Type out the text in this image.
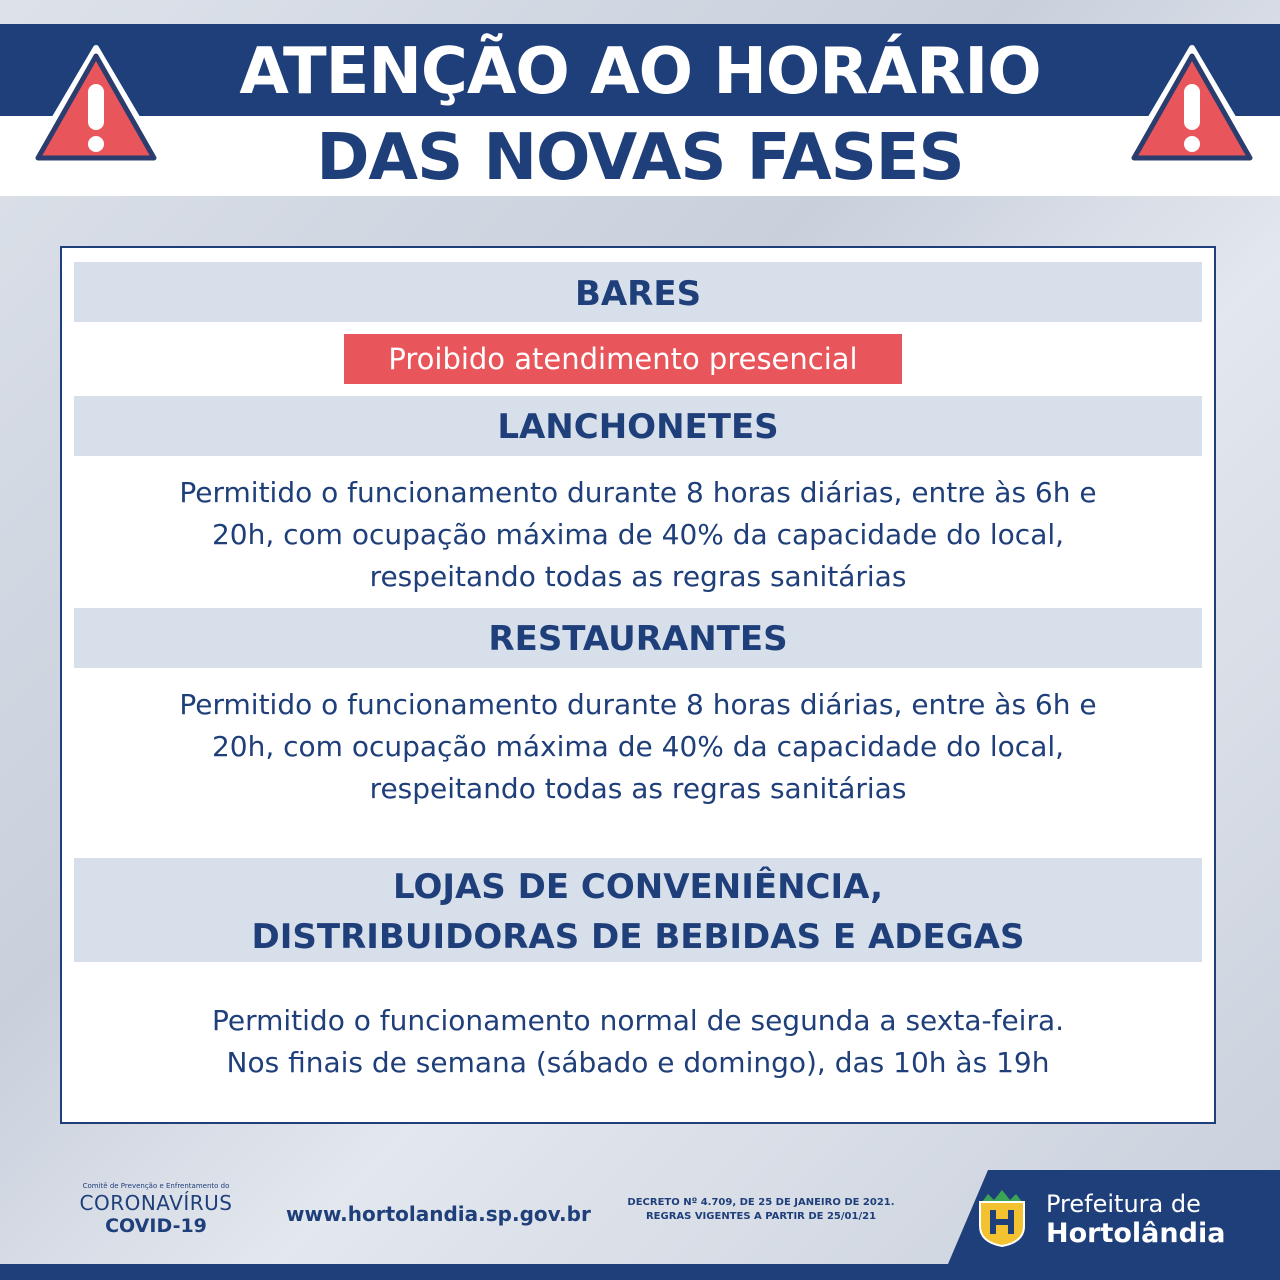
ATENÇÃO AO HORÁRIO
DAS NOVAS FASES
BARES
Proibido atendimento presencial
LANCHONETES
Permitido o funcionamento durante 8 horas diárias, entre às 6h e
20h, com ocupação máxima de 40% da capacidade do local,
respeitando todas as regras sanitárias
RESTAURANTES
Permitido o funcionamento durante 8 horas diárias, entre às 6h e
20h, com ocupação máxima de 40% da capacidade do local,
respeitando todas as regras sanitárias
LOJAS DE CONVENIÊNCIA,
DISTRIBUIDORAS DE BEBIDAS E ADEGAS
Permitido o funcionamento normal de segunda a sexta-feira.
Nos finais de semana (sábado e domingo), das 10h às 19h
Comitê de Prevenção e Enfrentamento do
CORONAVÍRUS
COVID-19	www.hortolandia.sp.gov.br	DECRETO Nº 4.709, DE 25 DE JANEIRO DE 2021.
REGRAS VIGENTES A PARTIR DE 25/01/21	Prefeitura de
Hortolândia
